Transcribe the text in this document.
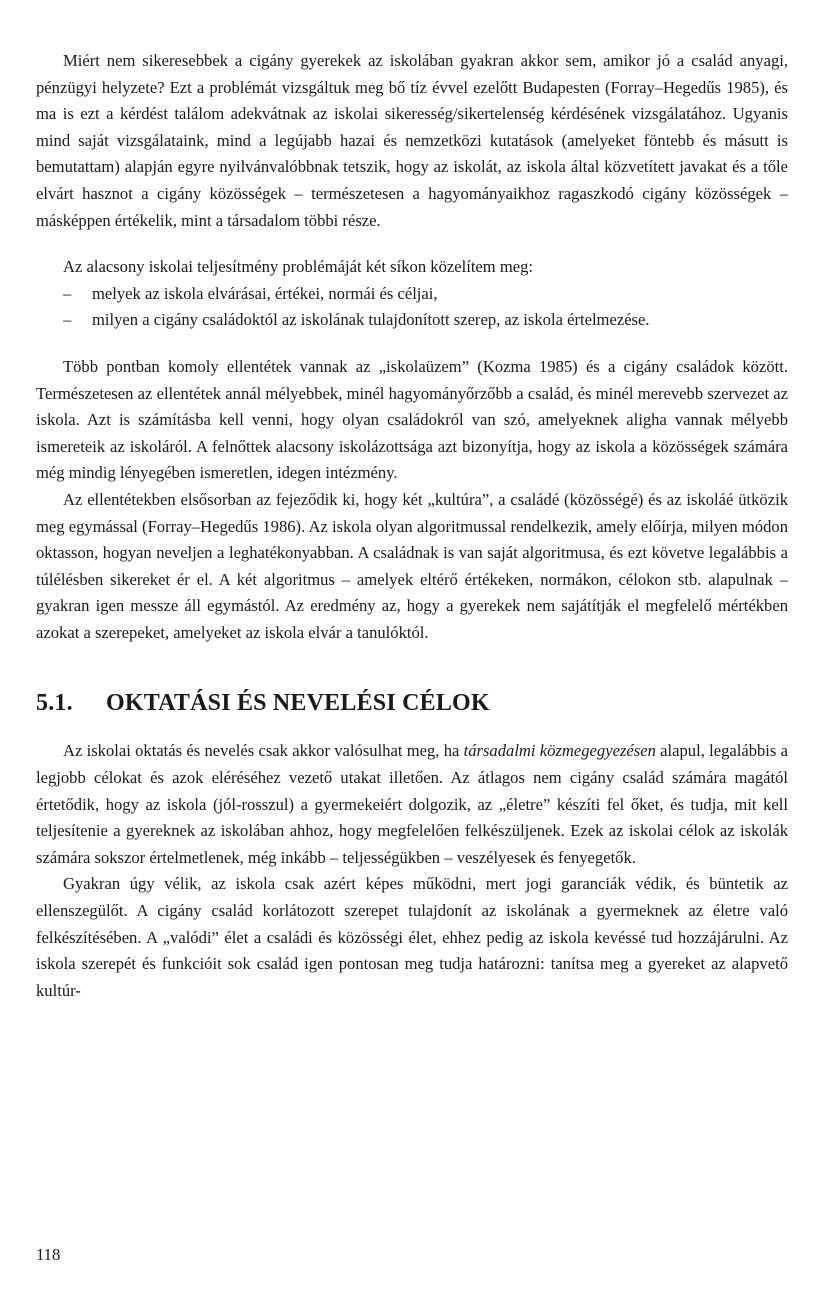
Miért nem sikeresebbek a cigány gyerekek az iskolában gyakran akkor sem, amikor jó a család anyagi, pénzügyi helyzete? Ezt a problémát vizsgáltuk meg bő tíz évvel ezelőtt Budapesten (Forray–Hegedűs 1985), és ma is ezt a kérdést találom adekvátnak az iskolai sikeresség/sikertelenség kérdésének vizsgálatához. Ugyanis mind saját vizsgálataink, mind a legújabb hazai és nemzetközi kutatások (amelyeket föntebb és másutt is bemutattam) alapján egyre nyilvánvalóbbnak tetszik, hogy az iskolát, az iskola által közvetített javakat és a tőle elvárt hasznot a cigány közösségek – természetesen a hagyományaikhoz ragaszkodó cigány közösségek – másképpen értékelik, mint a társadalom többi része.

Az alacsony iskolai teljesítmény problémáját két síkon közelítem meg:

– melyek az iskola elvárásai, értékei, normái és céljai,
– milyen a cigány családoktól az iskolának tulajdonított szerep, az iskola értelmezése.

Több pontban komoly ellentétek vannak az „iskolaüzem” (Kozma 1985) és a cigány családok között. Természetesen az ellentétek annál mélyebbek, minél hagyományőrzőbb a család, és minél merevebb szervezet az iskola. Azt is számításba kell venni, hogy olyan családokról van szó, amelyeknek aligha vannak mélyebb ismereteik az iskoláról. A felnőttek alacsony iskolázottsága azt bizonyítja, hogy az iskola a közösségek számára még mindig lényegében ismeretlen, idegen intézmény.

Az ellentétekben elsősorban az fejeződik ki, hogy két „kultúra”, a családé (közösségé) és az iskoláé ütközik meg egymással (Forray–Hegedűs 1986). Az iskola olyan algoritmussal rendelkezik, amely előírja, milyen módon oktasson, hogyan neveljen a leghatékonyabban. A családnak is van saját algoritmusa, és ezt követve legalábbis a túlélésben sikereket ér el. A két algoritmus – amelyek eltérő értékeken, normákon, célokon stb. alapulnak – gyakran igen messze áll egymástól. Az eredmény az, hogy a gyerekek nem sajátítják el megfelelő mértékben azokat a szerepeket, amelyeket az iskola elvár a tanulóktól.

5.1. OKTATÁSI ÉS NEVELÉSI CÉLOK

Az iskolai oktatás és nevelés csak akkor valósulhat meg, ha társadalmi közmegegyezésen alapul, legalábbis a legjobb célokat és azok eléréséhez vezető utakat illetően. Az átlagos nem cigány család számára magától értetődik, hogy az iskola (jól-rosszul) a gyermekeiért dolgozik, az „életre” készíti fel őket, és tudja, mit kell teljesítenie a gyereknek az iskolában ahhoz, hogy megfelelően felkészüljenek. Ezek az iskolai célok az iskolák számára sokszor értelmetlenek, még inkább – teljességükben – veszélyesek és fenyegetők.

Gyakran úgy vélik, az iskola csak azért képes működni, mert jogi garanciák védik, és büntetik az ellenszegülőt. A cigány család korlátozott szerepet tulajdonít az iskolának a gyermeknek az életre való felkészítésében. A „valódi” élet a családi és közösségi élet, ehhez pedig az iskola kevéssé tud hozzájárulni. Az iskola szerepét és funkcióit sok család igen pontosan meg tudja határozni: tanítsa meg a gyereket az alapvető kultúr-

118
